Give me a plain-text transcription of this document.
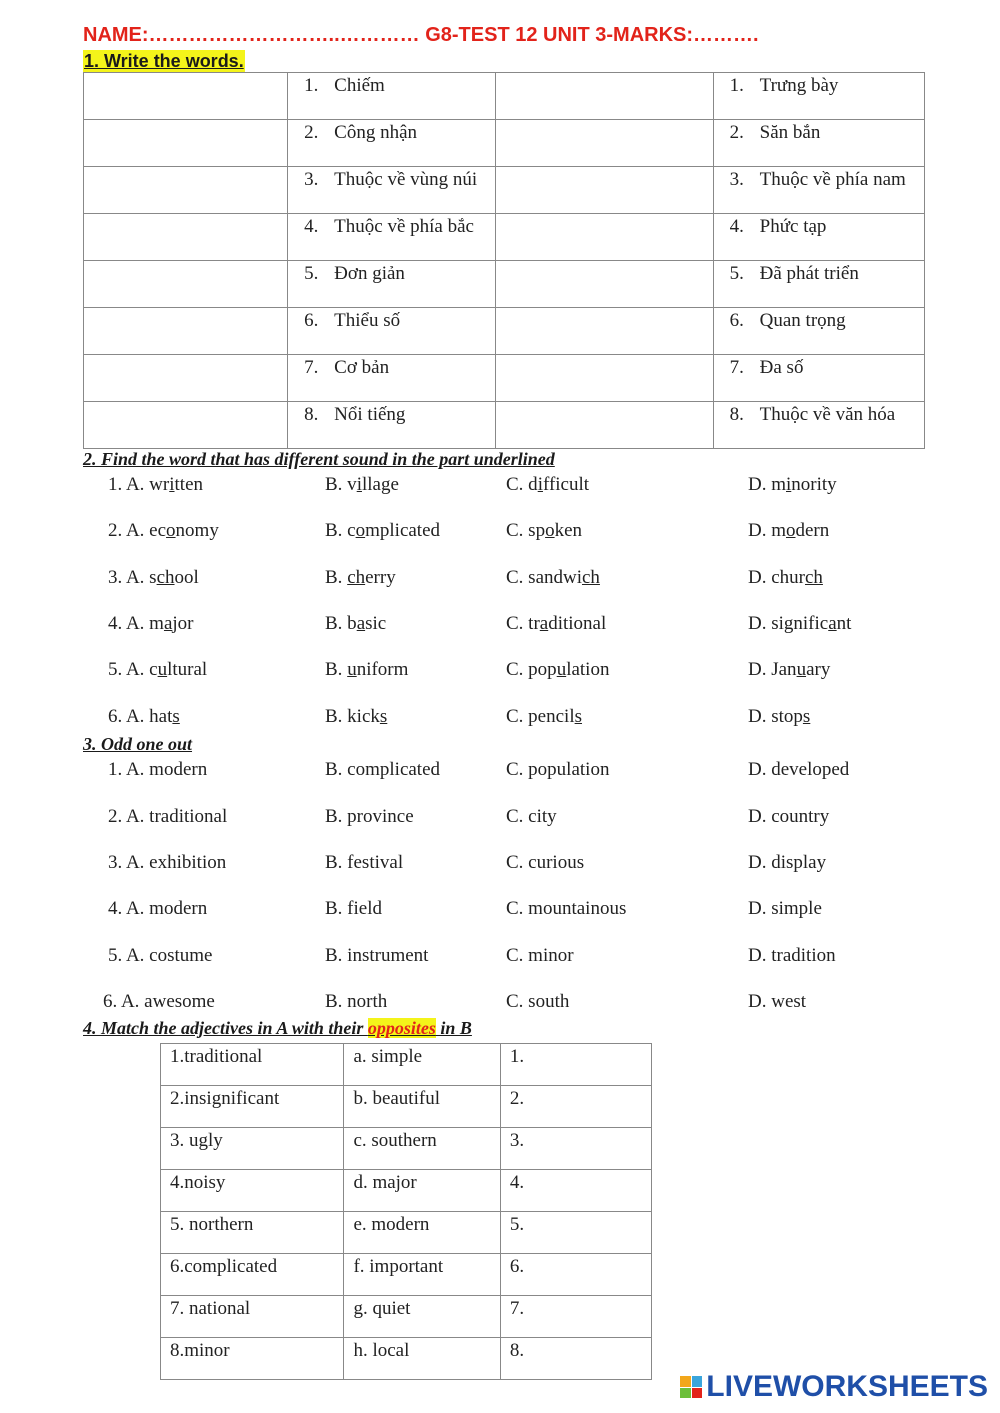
NAME:………………………..………… G8-TEST 12 UNIT 3-MARKS:……….
1. Write the words.
	1. Chiếm		1. Trưng bày
	2. Công nhận		2. Săn bắn
	3. Thuộc về vùng núi		3. Thuộc về phía nam
	4. Thuộc về phía bắc		4. Phức tạp
	5. Đơn giản		5. Đã phát triển
	6. Thiểu số		6. Quan trọng
	7. Cơ bản		7. Đa số
	8. Nổi tiếng		8. Thuộc về văn hóa
2. Find the word that has different sound in the part underlined
1. A. written	B. village	C. difficult	D. minority
2. A. economy	B. complicated	C. spoken	D. modern
3. A. school	B. cherry	C. sandwich	D. church
4. A. major	B. basic	C. traditional	D. significant
5. A. cultural	B. uniform	C. population	D. January
6. A. hats	B. kicks	C. pencils	D. stops
3. Odd one out
1. A. modern	B. complicated	C. population	D. developed
2. A. traditional	B. province	C. city	D. country
3. A. exhibition	B. festival	C. curious	D. display
4. A. modern	B. field	C. mountainous	D. simple
5. A. costume	B. instrument	C. minor	D. tradition
6. A. awesome	B. north	C. south	D. west
4. Match the adjectives in A with their opposites in B
1.traditional	a. simple	1.
2.insignificant	b. beautiful	2.
3. ugly	c. southern	3.
4.noisy	d. major	4.
5. northern	e. modern	5.
6.complicated	f. important	6.
7. national	g. quiet	7.
8.minor	h. local	8.
LIVEWORKSHEETS
